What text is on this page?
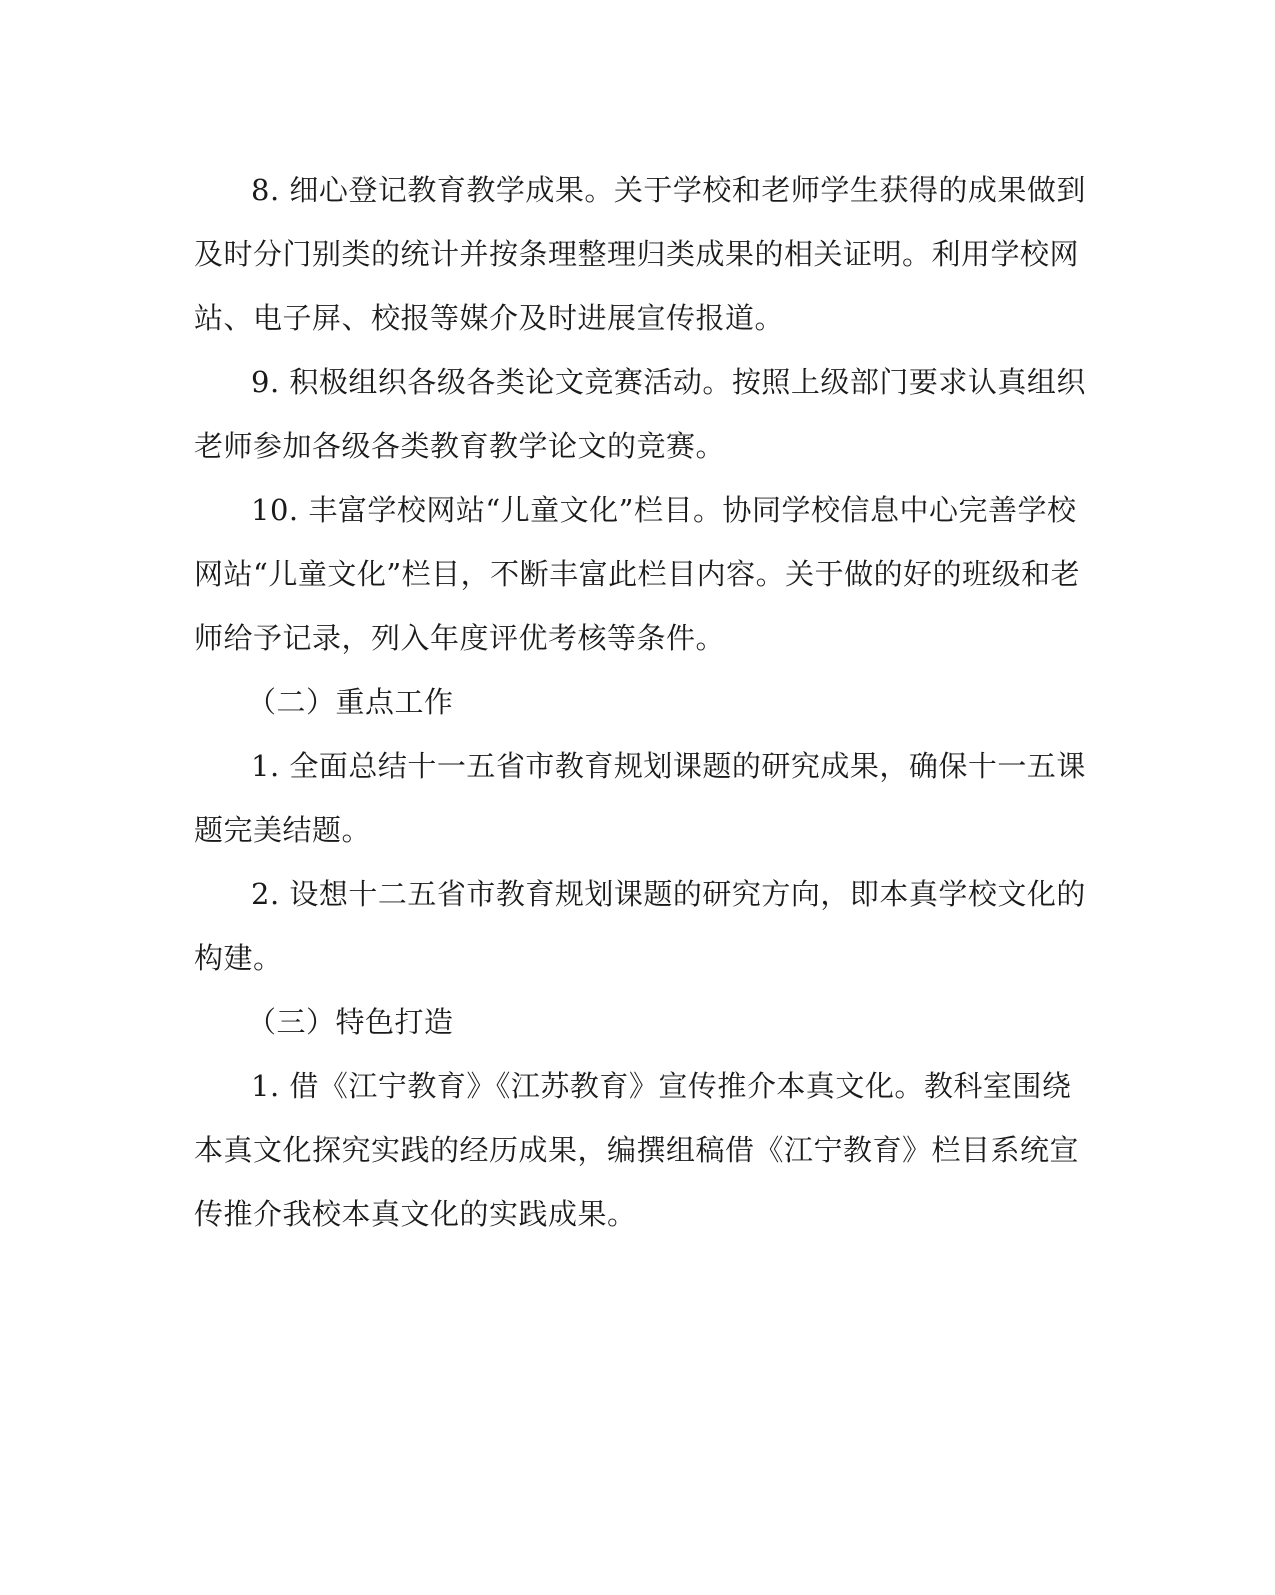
8. 细心登记教育教学成果。关于学校和老师学生获得的成果做到
及时分门别类的统计并按条理整理归类成果的相关证明。利用学校网
站、电子屏、校报等媒介及时进展宣传报道。
9. 积极组织各级各类论文竞赛活动。按照上级部门要求认真组织
老师参加各级各类教育教学论文的竞赛。
10. 丰富学校网站“儿童文化”栏目。协同学校信息中心完善学校
网站“儿童文化”栏目，不断丰富此栏目内容。关于做的好的班级和老
师给予记录，列入年度评优考核等条件。
（二）重点工作
1. 全面总结十一五省市教育规划课题的研究成果，确保十一五课
题完美结题。
2. 设想十二五省市教育规划课题的研究方向，即本真学校文化的
构建。
（三）特色打造
1. 借《江宁教育》《江苏教育》宣传推介本真文化。教科室围绕
本真文化探究实践的经历成果，编撰组稿借《江宁教育》栏目系统宣
传推介我校本真文化的实践成果。
